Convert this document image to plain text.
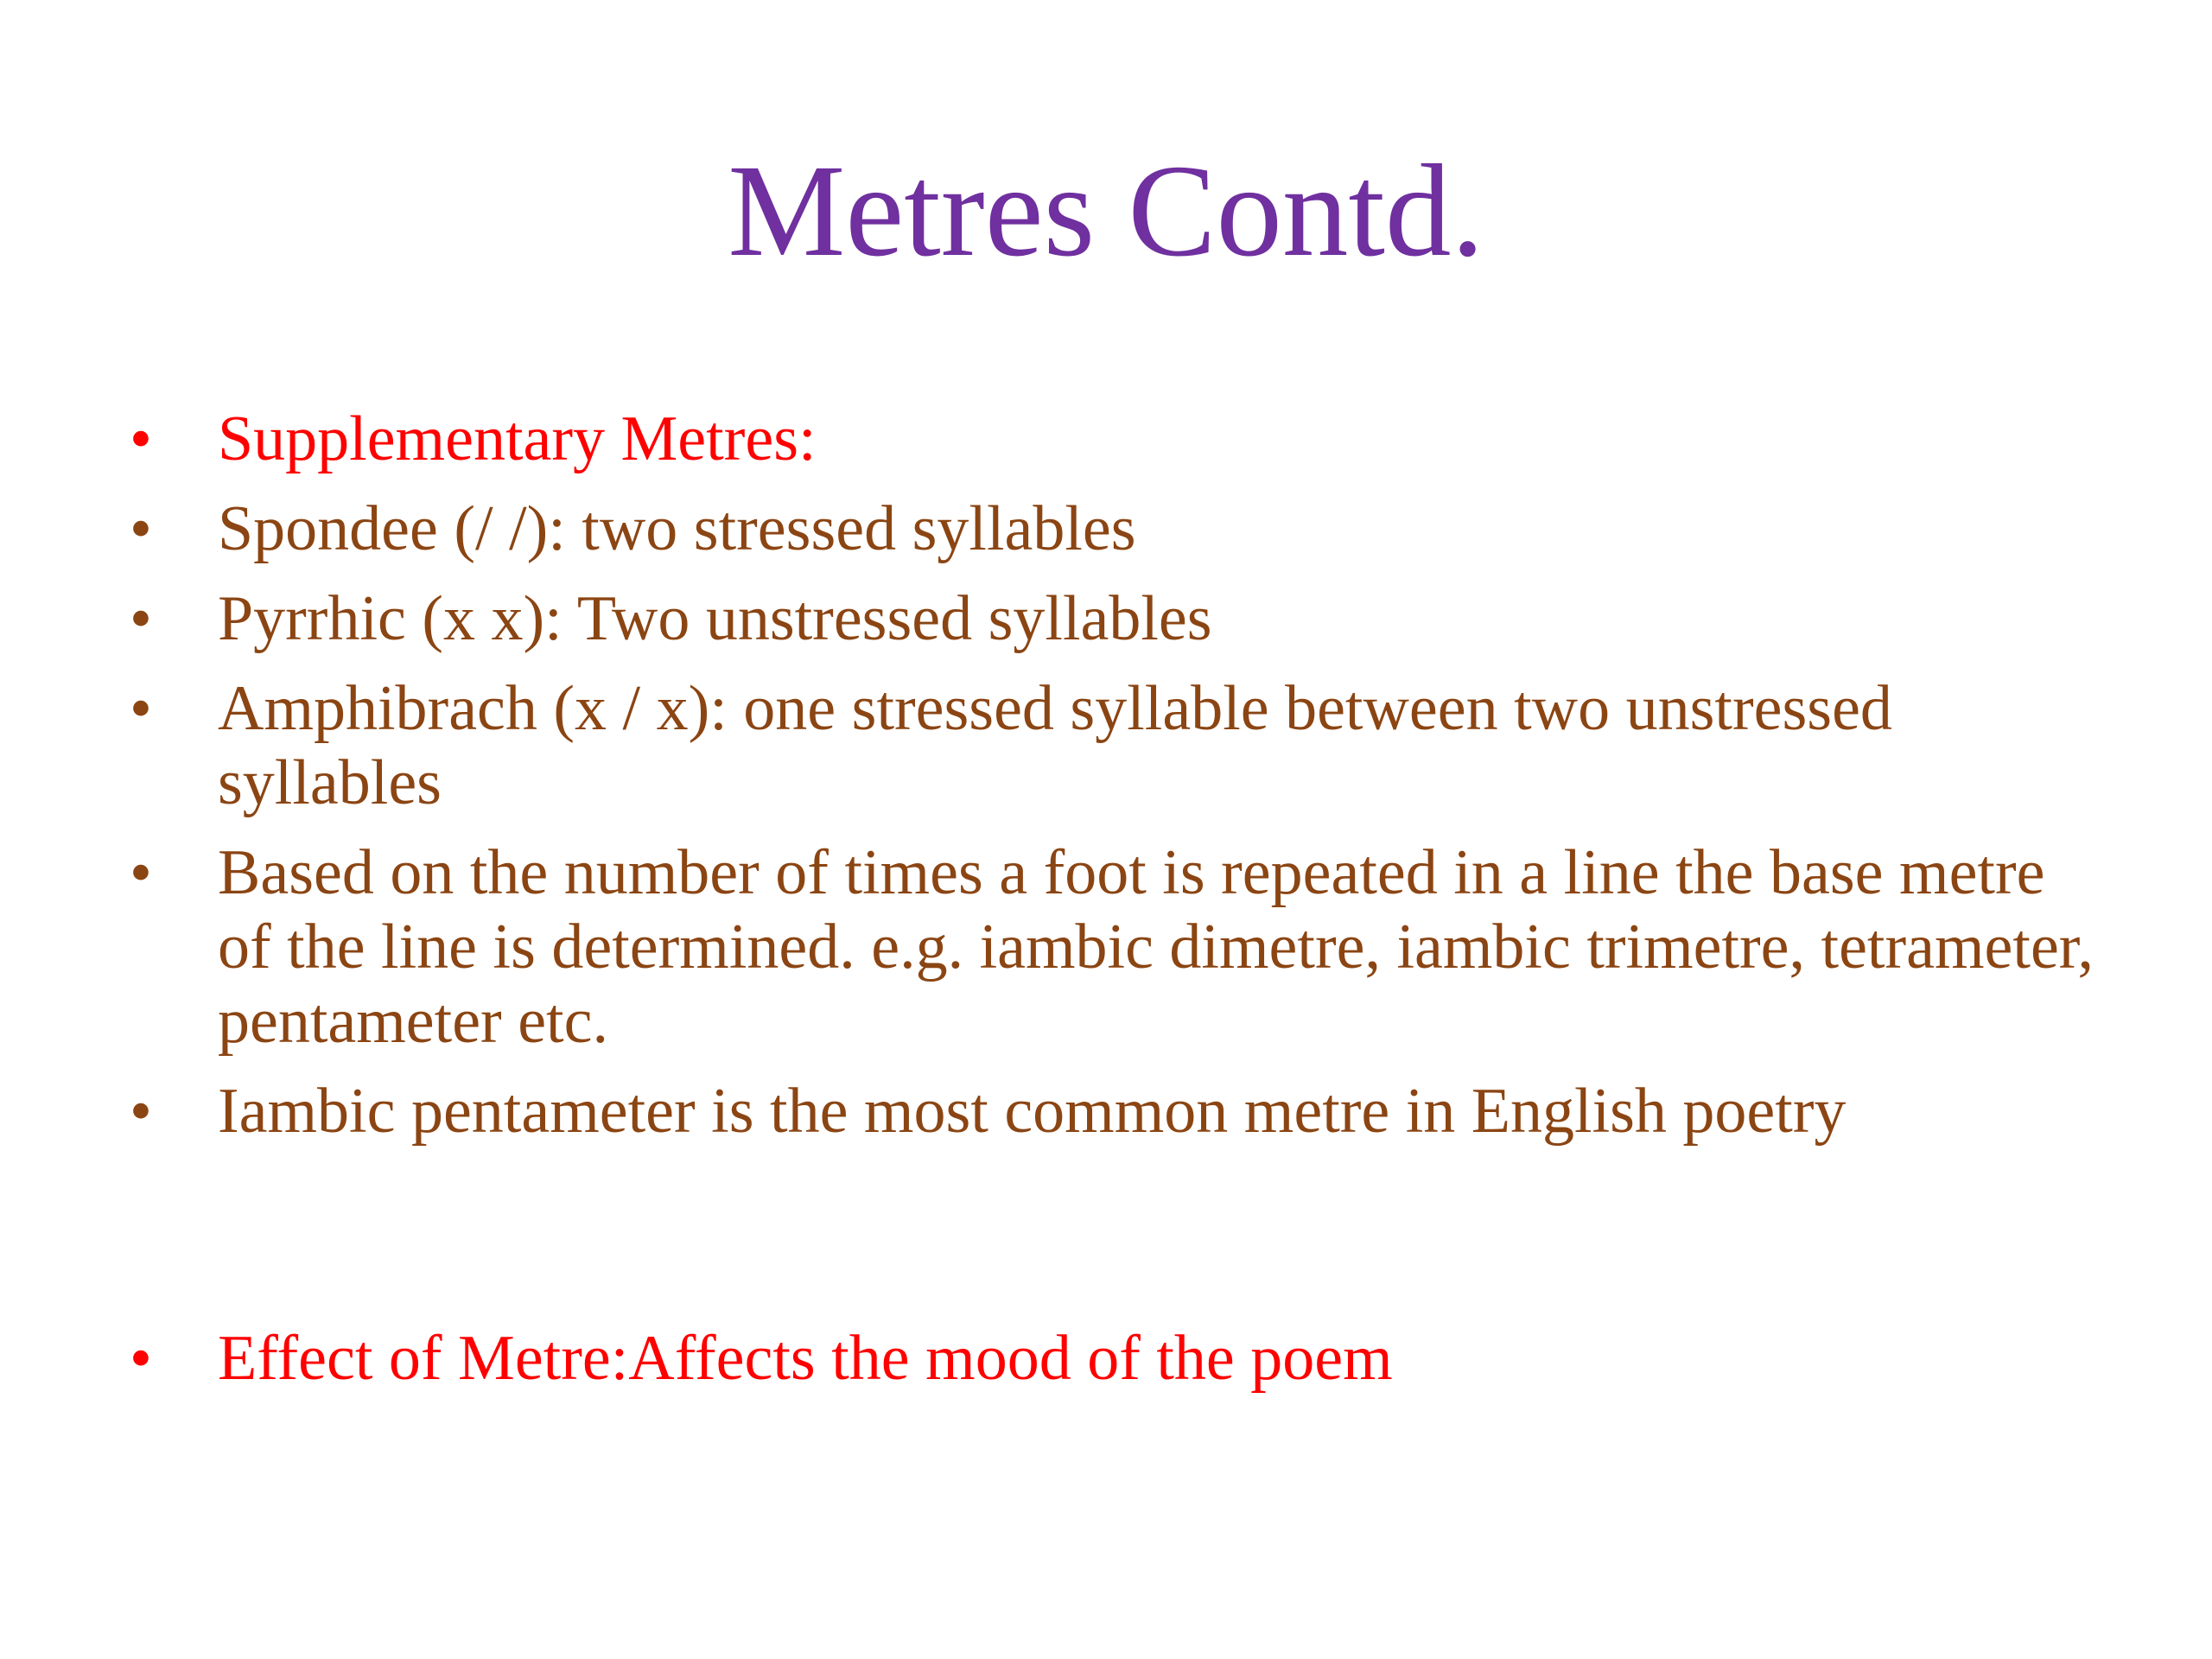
Metres Contd.
• Supplementary Metres:
• Spondee (/ /): two stressed syllables
• Pyrrhic (x x): Two unstressed syllables
• Amphibrach (x / x): one stressed syllable between two unstressed syllables
• Based on the number of times a foot is repeated in a line the base metre of the line is determined. e.g. iambic dimetre, iambic trimetre, tetrameter, pentameter etc.
• Iambic pentameter is the most common metre in English poetry
• Effect of Metre:Affects the mood of the poem
